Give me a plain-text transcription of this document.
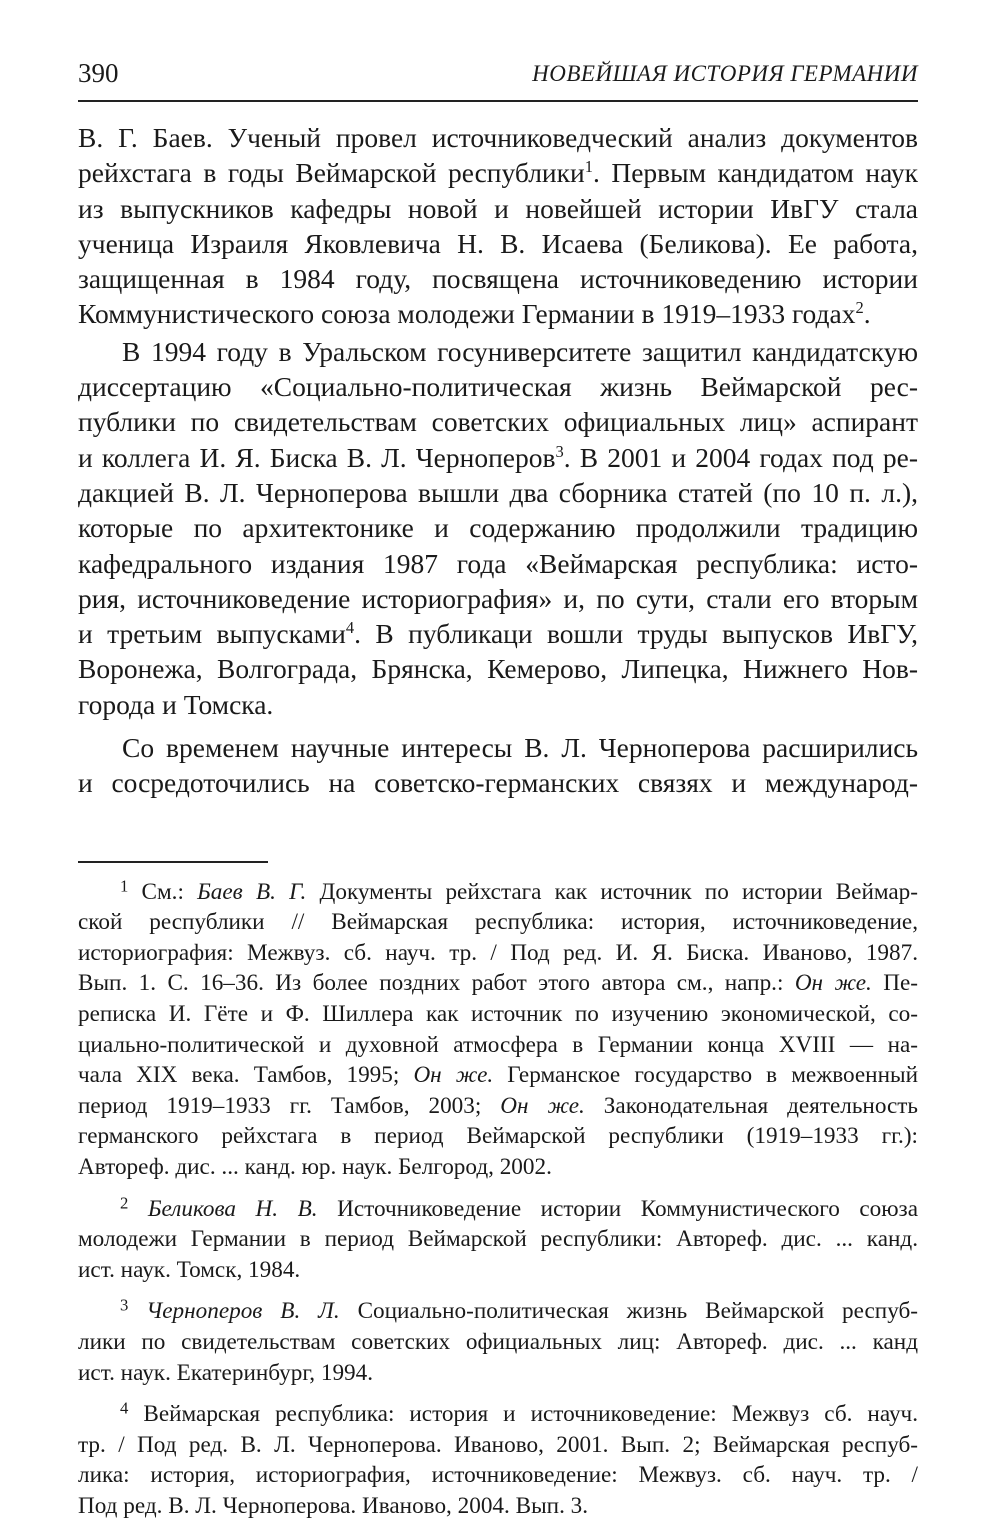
390	НОВЕЙШАЯ ИСТОРИЯ ГЕРМАНИИ
В. Г. Баев. Ученый провел источниковедческий анализ документов
рейхстага в годы Веймарской республики$^1$. Первым кандидатом наук
из выпускников кафедры новой и новейшей истории ИвГУ стала
ученица Израиля Яковлевича Н. В. Исаева (Беликова). Ее работа,
защищенная в 1984 году, посвящена источниковедению истории
Коммунистического союза молодежи Германии в 1919–1933 годах$^2$.
В 1994 году в Уральском госуниверситете защитил кандидатскую
диссертацию «Социально-политическая жизнь Веймарской рес-
публики по свидетельствам советских официальных лиц» аспирант
и коллега И. Я. Биска В. Л. Черноперов$^3$. В 2001 и 2004 годах под ре-
дакцией В. Л. Черноперова вышли два сборника статей (по 10 п. л.),
которые по архитектонике и содержанию продолжили традицию
кафедрального издания 1987 года «Веймарская республика: исто-
рия, источниковедение историография» и, по сути, стали его вторым
и третьим выпусками$^4$. В публикаци вошли труды выпусков ИвГУ,
Воронежа, Волгограда, Брянска, Кемерово, Липецка, Нижнего Нов-
города и Томска.
Со временем научные интересы В. Л. Черноперова расширились
и сосредоточились на советско-германских связях и международ-
$^1$ См.: Баев В. Г. Документы рейхстага как источник по истории Веймар-
ской республики // Веймарская республика: история, источниковедение,
историография: Межвуз. сб. науч. тр. / Под ред. И. Я. Биска. Иваново, 1987.
Вып. 1. С. 16–36. Из более поздних работ этого автора см., напр.: Он же. Пе-
реписка И. Гёте и Ф. Шиллера как источник по изучению экономической, со-
циально-политической и духовной атмосфера в Германии конца XVIII — на-
чала XIX века. Тамбов, 1995; Он же. Германское государство в межвоенный
период 1919–1933 гг. Тамбов, 2003; Он же. Законодательная деятельность
германского рейхстага в период Веймарской республики (1919–1933 гг.):
Автореф. дис. ... канд. юр. наук. Белгород, 2002.
$^2$ Беликова Н. В. Источниковедение истории Коммунистического союза
молодежи Германии в период Веймарской республики: Автореф. дис. ... канд.
ист. наук. Томск, 1984.
$^3$ Черноперов В. Л. Социально-политическая жизнь Веймарской респуб-
лики по свидетельствам советских официальных лиц: Автореф. дис. ... канд
ист. наук. Екатеринбург, 1994.
$^4$ Веймарская республика: история и источниковедение: Межвуз сб. науч.
тр. / Под ред. В. Л. Черноперова. Иваново, 2001. Вып. 2; Веймарская респуб-
лика: история, историография, источниковедение: Межвуз. сб. науч. тр. /
Под ред. В. Л. Черноперова. Иваново, 2004. Вып. 3.
